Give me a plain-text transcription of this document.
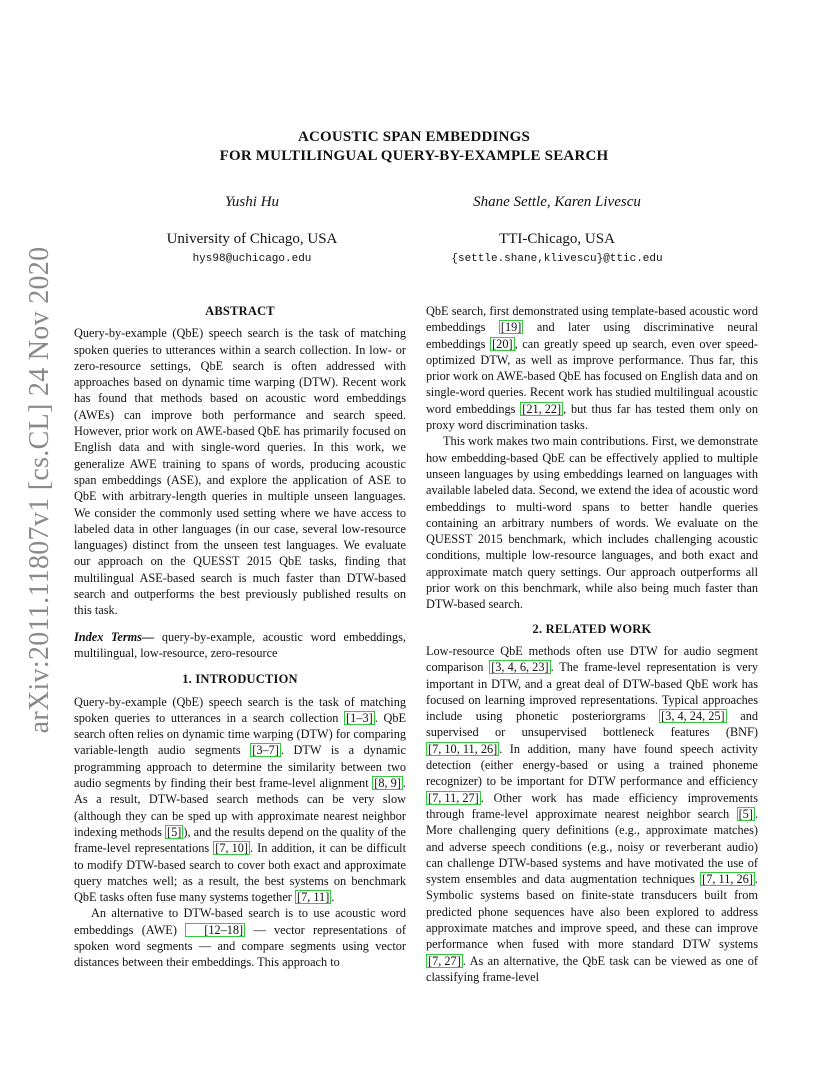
arXiv:2011.11807v1 [cs.CL] 24 Nov 2020
ACOUSTIC SPAN EMBEDDINGS
FOR MULTILINGUAL QUERY-BY-EXAMPLE SEARCH
Yushi Hu
University of Chicago, USA
hys98@uchicago.edu
Shane Settle, Karen Livescu
TTI-Chicago, USA
{settle.shane,klivescu}@ttic.edu
ABSTRACT

Query-by-example (QbE) speech search is the task of matching spoken queries to utterances within a search collection. In low- or zero-resource settings, QbE search is often addressed with approaches based on dynamic time warping (DTW). Recent work has found that methods based on acoustic word embeddings (AWEs) can improve both performance and search speed. However, prior work on AWE-based QbE has primarily focused on English data and with single-word queries. In this work, we generalize AWE training to spans of words, producing acoustic span embeddings (ASE), and explore the application of ASE to QbE with arbitrary-length queries in multiple unseen languages. We consider the commonly used setting where we have access to labeled data in other languages (in our case, several low-resource languages) distinct from the unseen test languages. We evaluate our approach on the QUESST 2015 QbE tasks, finding that multilingual ASE-based search is much faster than DTW-based search and outperforms the best previously published results on this task.

Index Terms— query-by-example, acoustic word embeddings, multilingual, low-resource, zero-resource

1. INTRODUCTION

Query-by-example (QbE) speech search is the task of matching spoken queries to utterances in a search collection [1–3] . QbE search often relies on dynamic time warping (DTW) for comparing variable-length audio segments [3–7] . DTW is a dynamic programming approach to determine the similarity between two audio segments by finding their best frame-level alignment [8, 9] . As a result, DTW-based search methods can be very slow (although they can be sped up with approximate nearest neighbor indexing methods [5] ), and the results depend on the quality of the frame-level representations [7, 10] . In addition, it can be difficult to modify DTW-based search to cover both exact and approximate query matches well; as a result, the best systems on benchmark QbE tasks often fuse many systems together [7, 11] .

An alternative to DTW-based search is to use acoustic word embeddings (AWE) [12–18] — vector representations of spoken word segments — and compare segments using vector distances between their embeddings. This approach to

QbE search, first demonstrated using template-based acoustic word embeddings [19] and later using discriminative neural embeddings [20] , can greatly speed up search, even over speed-optimized DTW, as well as improve performance. Thus far, this prior work on AWE-based QbE has focused on English data and on single-word queries. Recent work has studied multilingual acoustic word embeddings [21, 22] , but thus far has tested them only on proxy word discrimination tasks.

This work makes two main contributions. First, we demonstrate how embedding-based QbE can be effectively applied to multiple unseen languages by using embeddings learned on languages with available labeled data. Second, we extend the idea of acoustic word embeddings to multi-word spans to better handle queries containing an arbitrary numbers of words. We evaluate on the QUESST 2015 benchmark, which includes challenging acoustic conditions, multiple low-resource languages, and both exact and approximate match query settings. Our approach outperforms all prior work on this benchmark, while also being much faster than DTW-based search.

2. RELATED WORK

Low-resource QbE methods often use DTW for audio segment comparison [3, 4, 6, 23] . The frame-level representation is very important in DTW, and a great deal of DTW-based QbE work has focused on learning improved representations. Typical approaches include using phonetic posteriorgrams [3, 4, 24, 25] and supervised or unsupervised bottleneck features (BNF) [7, 10, 11, 26] . In addition, many have found speech activity detection (either energy-based or using a trained phoneme recognizer) to be important for DTW performance and efficiency [7, 11, 27] . Other work has made efficiency improvements through frame-level approximate nearest neighbor search [5] . More challenging query definitions (e.g., approximate matches) and adverse speech conditions (e.g., noisy or reverberant audio) can challenge DTW-based systems and have motivated the use of system ensembles and data augmentation techniques [7, 11, 26] . Symbolic systems based on finite-state transducers built from predicted phone sequences have also been explored to address approximate matches and improve speed, and these can improve performance when fused with more standard DTW systems [7, 27] . As an alternative, the QbE task can be viewed as one of classifying frame-level
